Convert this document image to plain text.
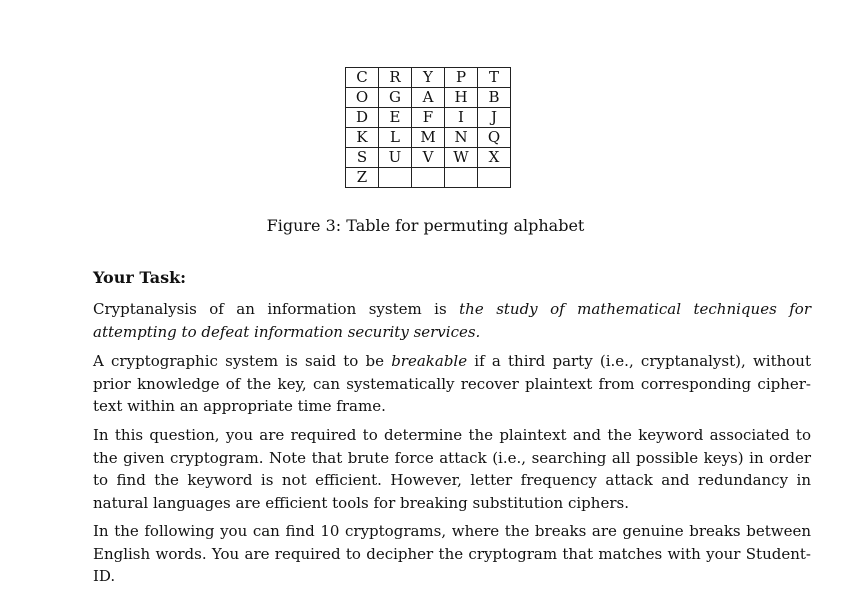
C	R	Y	P	T
O	G	A	H	B
D	E	F	I	J
K	L	M	N	Q
S	U	V	W	X
Z				
Figure 3: Table for permuting alphabet
Your Task:

Cryptanalysis of an information system is the study of mathematical techniques for attempting to defeat information security services.

A cryptographic system is said to be breakable if a third party (i.e., cryptanalyst), without prior knowledge of the key, can systematically recover plaintext from corresponding ciphertext within an appropriate time frame.

In this question, you are required to determine the plaintext and the keyword associated to the given cryptogram. Note that brute force attack (i.e., searching all possible keys) in order to find the keyword is not efficient. However, letter frequency attack and redundancy in natural languages are efficient tools for breaking substitution ciphers.

In the following you can find 10 cryptograms, where the breaks are genuine breaks between English words. You are required to decipher the cryptogram that matches with your StudentID.
